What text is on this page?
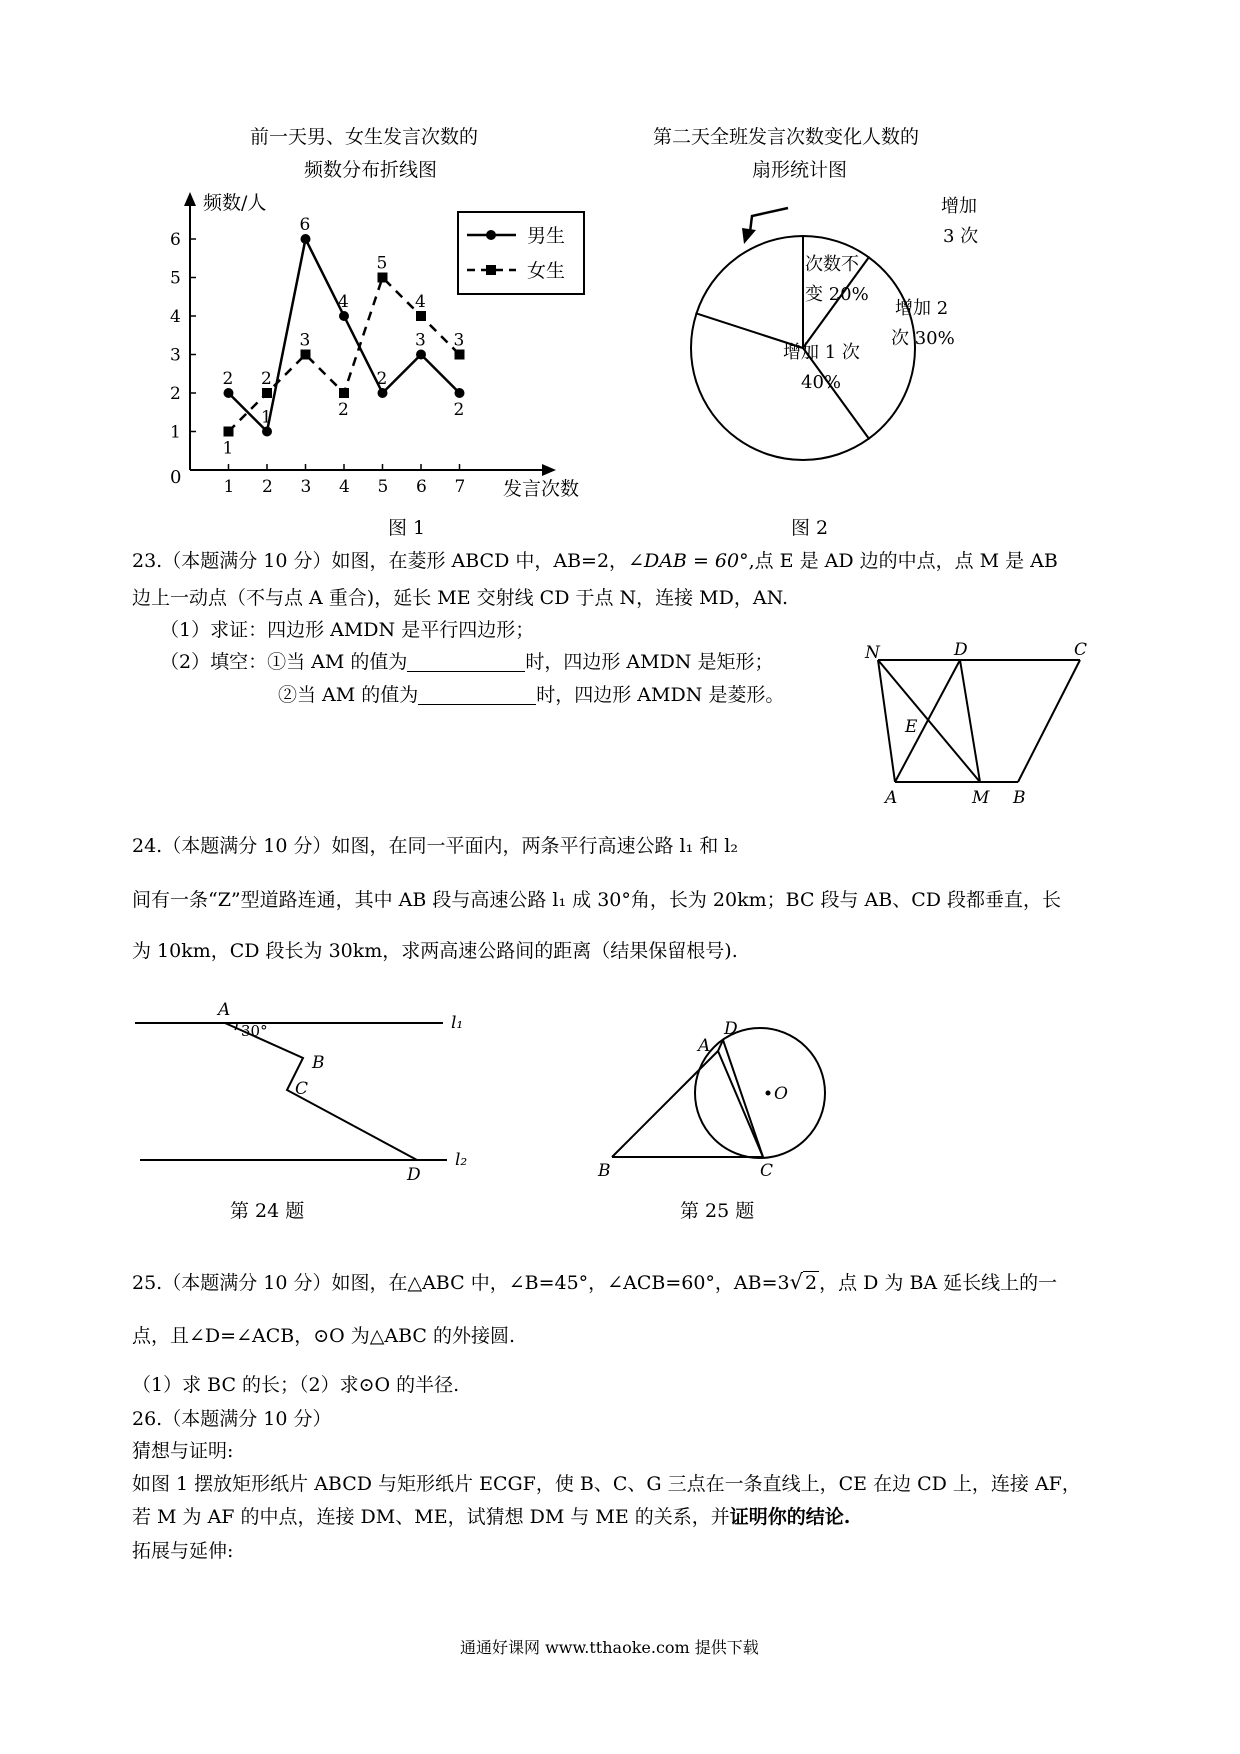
前一天男、女生发言次数的
频数分布折线图
频数/人
发言次数
0 1 2 3 4 5 6 7
1
2
3
4
5
6
2
1
6
4
2
3
2
1
2
3
2
5
4
3
男生
女生
图 1
第二天全班发言次数变化人数的
扇形统计图
增加
3 次
增加 2
次 30%
增加 1 次
40%
次数不
变 20%
图 2
23.（本题满分 10 分）如图，在菱形 ABCD 中，AB=2，∠DAB = 60°,点 E 是 AD 边的中点，点 M 是 AB
边上一动点（不与点 A 重合)，延长 ME 交射线 CD 于点 N，连接 MD，AN.
（1）求证：四边形 AMDN 是平行四边形；
（2）填空：①当 AM 的值为	时，四边形 AMDN 是矩形；
②当 AM 的值为	时，四边形 AMDN 是菱形。
N	D	C
E
A	M B
24.（本题满分 10 分）如图，在同一平面内，两条平行高速公路 l₁ 和 l₂
间有一条“Z”型道路连通，其中 AB 段与高速公路 l₁ 成 30°角，长为 20km；BC 段与 AB、CD 段都垂直，长
为 10km，CD 段长为 30km，求两高速公路间的距离（结果保留根号).
A
30°	l₁
B
C
D
l₂
第 24 题
D
A
O
B	C
第 25 题
25.（本题满分 10 分）如图，在△ABC 中，∠B=45°，∠ACB=60°，AB=3√ 2 ，点 D 为 BA 延长线上的一
点，且∠D=∠ACB，⊙O 为△ABC 的外接圆.
（1）求 BC 的长；（2）求⊙O 的半径.
26.（本题满分 10 分）
猜想与证明:
如图 1 摆放矩形纸片 ABCD 与矩形纸片 ECGF，使 B、C、G 三点在一条直线上，CE 在边 CD 上，连接 AF，
若 M 为 AF 的中点，连接 DM、ME，试猜想 DM 与 ME 的关系，并证明你的结论.
拓展与延伸:
通通好课网 www.tthaoke.com 提供下载
